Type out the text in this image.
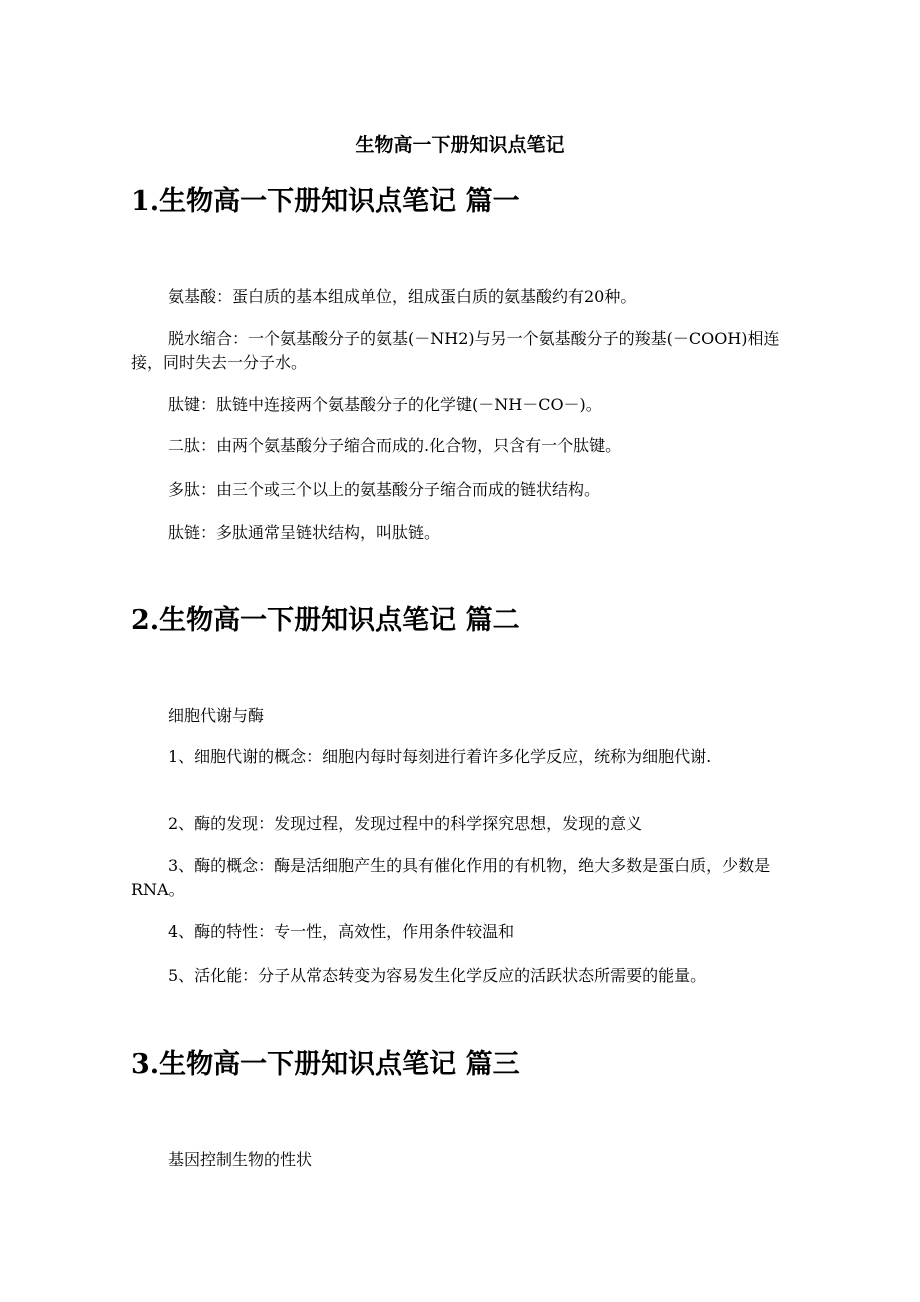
生物高一下册知识点笔记
1.生物高一下册知识点笔记 篇一

氨基酸：蛋白质的基本组成单位，组成蛋白质的氨基酸约有20种。

脱水缩合：一个氨基酸分子的氨基(－NH2)与另一个氨基酸分子的羧基(－COOH)相连接，同时失去一分子水。

肽键：肽链中连接两个氨基酸分子的化学键(－NH－CO－)。

二肽：由两个氨基酸分子缩合而成的.化合物，只含有一个肽键。

多肽：由三个或三个以上的氨基酸分子缩合而成的链状结构。

肽链：多肽通常呈链状结构，叫肽链。

2.生物高一下册知识点笔记 篇二

细胞代谢与酶

1、细胞代谢的概念：细胞内每时每刻进行着许多化学反应，统称为细胞代谢.

2、酶的发现：发现过程，发现过程中的科学探究思想，发现的意义

3、酶的概念：酶是活细胞产生的具有催化作用的有机物，绝大多数是蛋白质，少数是RNA。

4、酶的特性：专一性，高效性，作用条件较温和

5、活化能：分子从常态转变为容易发生化学反应的活跃状态所需要的能量。

3.生物高一下册知识点笔记 篇三

基因控制生物的性状
